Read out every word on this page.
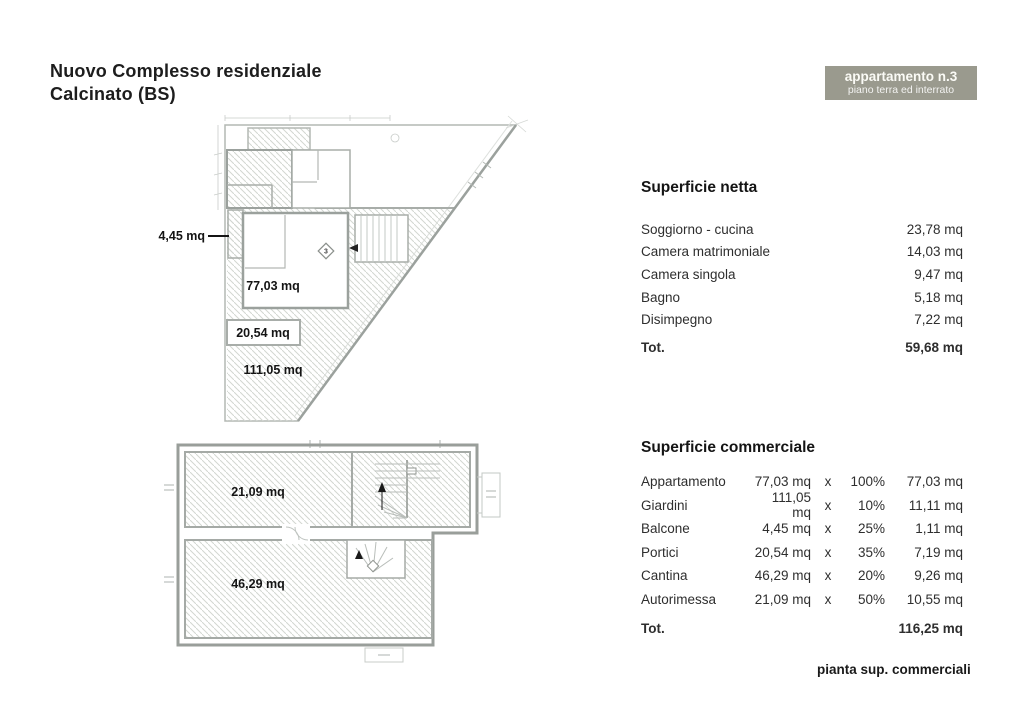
Nuovo Complesso residenziale
Calcinato (BS)
appartamento n.3
piano terra ed interrato
3
4,45 mq
77,03 mq
20,54 mq
111,05 mq
21,09 mq
46,29 mq
Superficie netta
Soggiorno - cucina	23,78 mq
Camera matrimoniale	14,03 mq
Camera singola	9,47 mq
Bagno	5,18 mq
Disimpegno	7,22 mq
Tot.	59,68 mq
Superficie commerciale
Appartamento	77,03 mq	x	100%	77,03 mq
Giardini	111,05 mq	x	10%	11,11 mq
Balcone	4,45 mq	x	25%	1,11 mq
Portici	20,54 mq	x	35%	7,19 mq
Cantina	46,29 mq	x	20%	9,26 mq
Autorimessa	21,09 mq	x	50%	10,55 mq
Tot.	116,25 mq
pianta sup. commerciali
